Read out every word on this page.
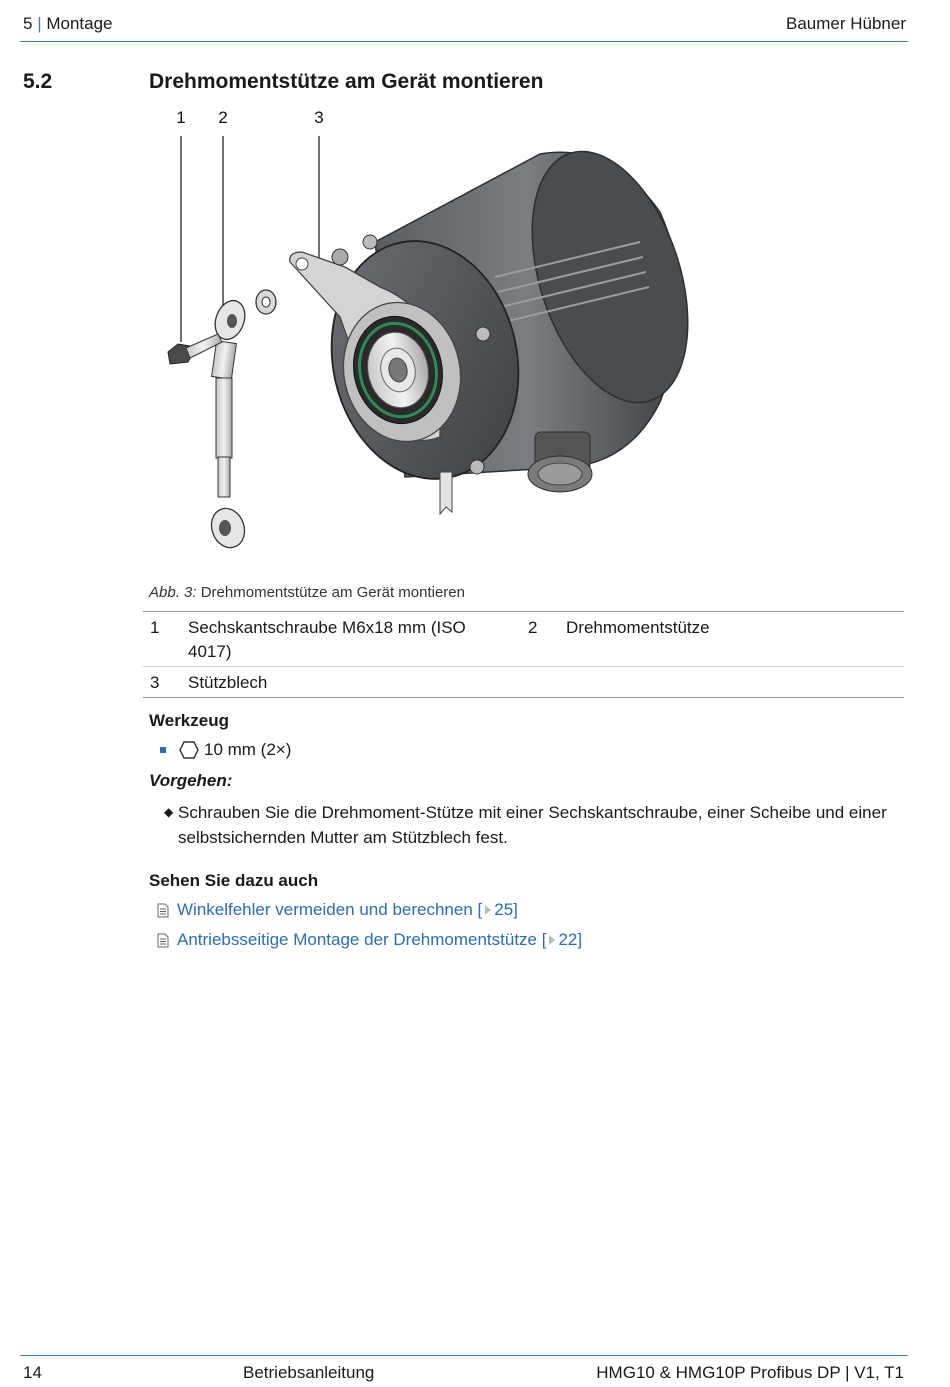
5 | Montage	Baumer Hübner
5.2	Drehmomentstütze am Gerät montieren
1 2	3
Abb. 3: Drehmomentstütze am Gerät montieren
1 Sechskantschraube M6x18 mm (ISO 4017)
2 Drehmomentstütze
3 Stützblech
Werkzeug
10 mm (2×)
Vorgehen:
◆ Schrauben Sie die Drehmoment-Stütze mit einer Sechskantschraube, einer Scheibe und einer selbstsichernden Mutter am Stützblech fest.
Sehen Sie dazu auch
Winkelfehler vermeiden und berechnen [ 25]
Antriebsseitige Montage der Drehmomentstütze [ 22]
14	Betriebsanleitung	HMG10 & HMG10P Profibus DP | V1, T1
